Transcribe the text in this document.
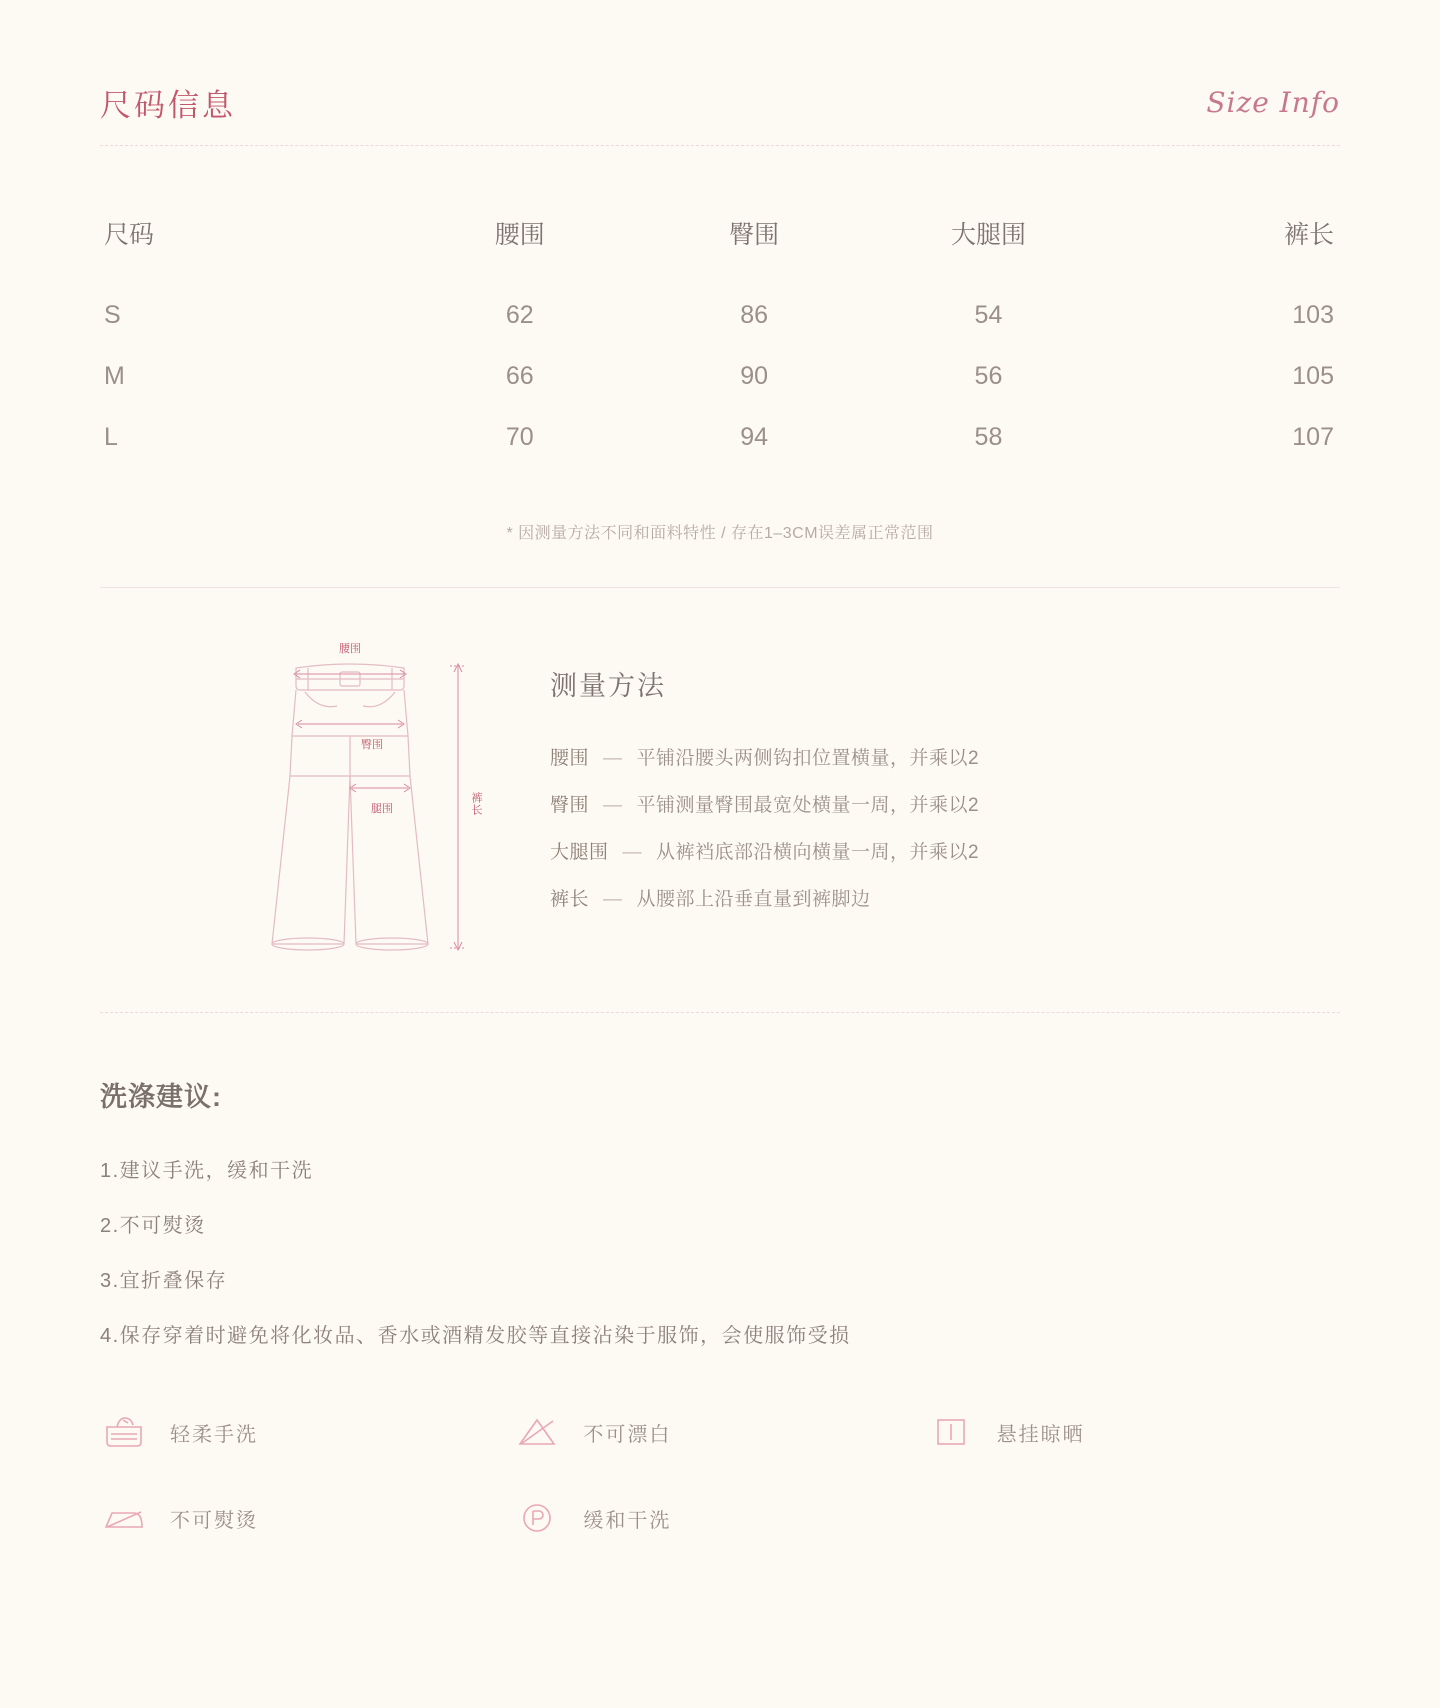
尺码信息	Size Info
尺码	腰围	臀围	大腿围	裤长
S	62	86	54	103
M	66	90	56	105
L	70	94	58	107
* 因测量方法不同和面料特性 / 存在1–3CM误差属正常范围
腰围
臀围
腿围	裤长
测量方法
腰围 — 平铺沿腰头两侧钩扣位置横量，并乘以2
臀围 — 平铺测量臀围最宽处横量一周，并乘以2
大腿围 — 从裤裆底部沿横向横量一周，并乘以2
裤长 — 从腰部上沿垂直量到裤脚边
洗涤建议:
1.建议手洗，缓和干洗
2.不可熨烫
3.宜折叠保存
4.保存穿着时避免将化妆品、香水或酒精发胶等直接沾染于服饰，会使服饰受损
轻柔手洗	不可漂白	悬挂晾晒
不可熨烫	缓和干洗
